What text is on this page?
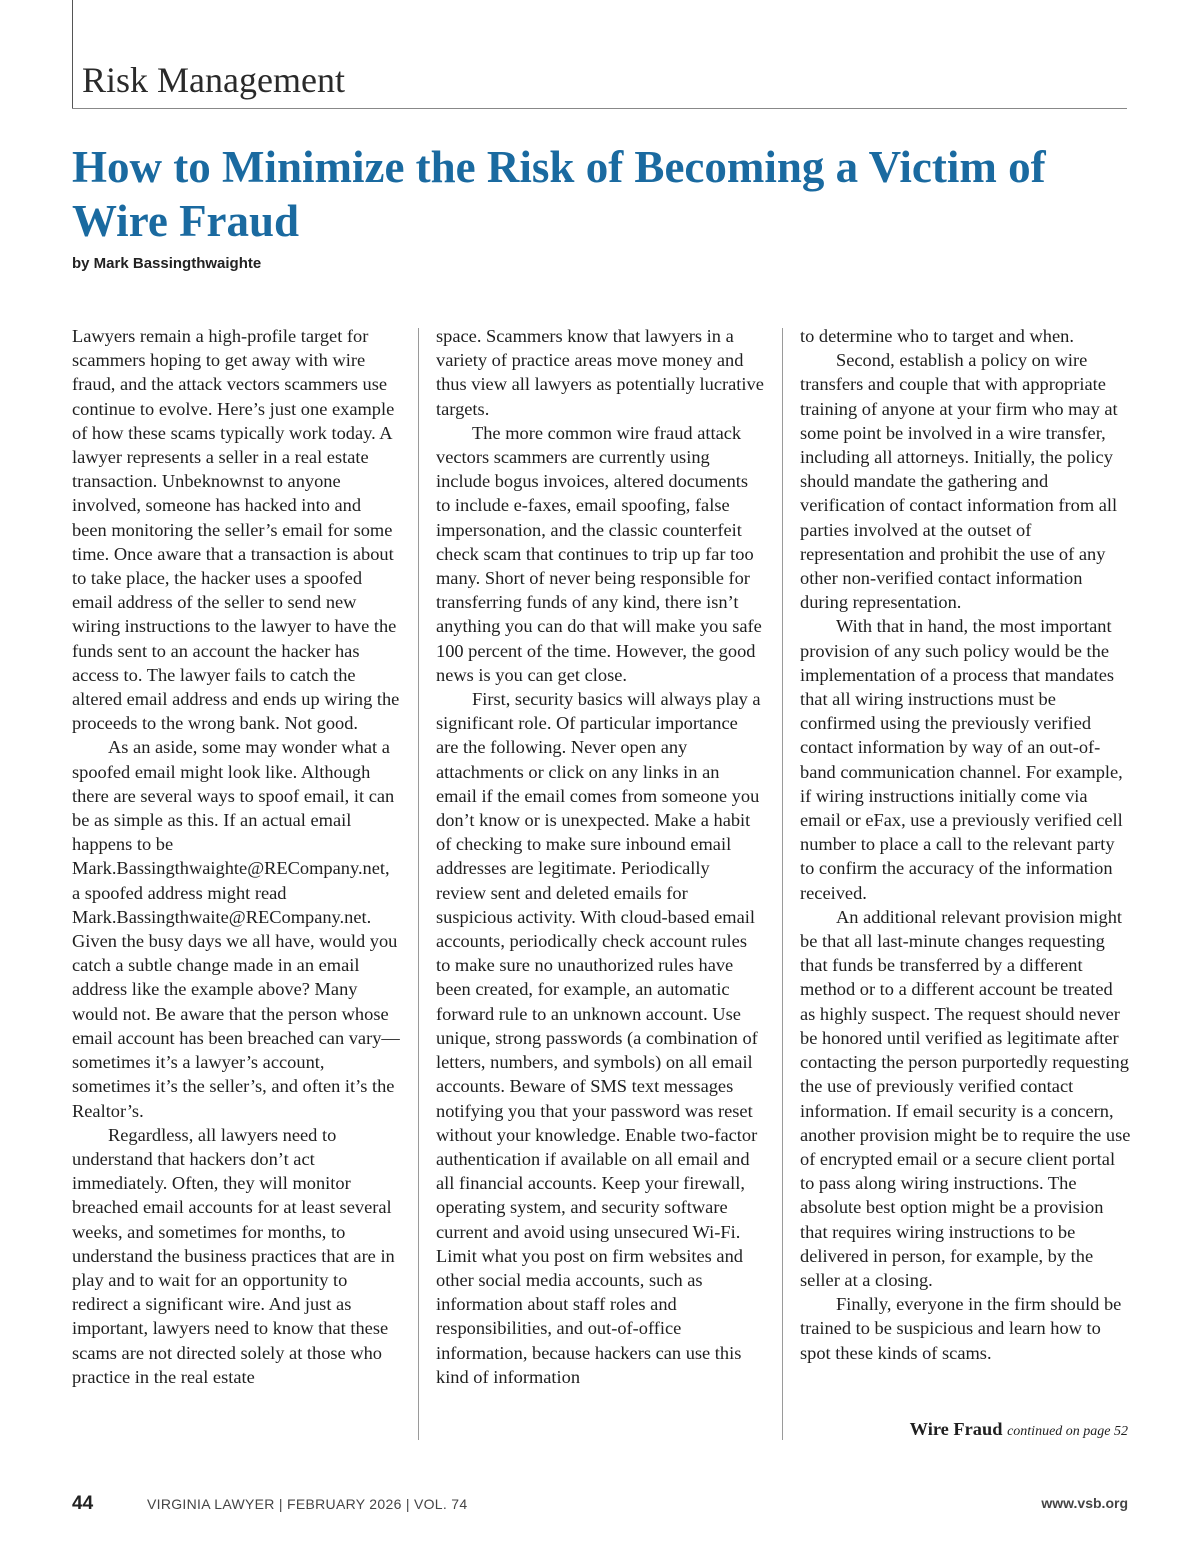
Risk Management
How to Minimize the Risk of Becoming a Victim of Wire Fraud

by Mark Bassingthwaighte

Lawyers remain a high-profile target for scammers hoping to get away with wire fraud, and the attack vectors scammers use continue to evolve. Here’s just one example of how these scams typically work today. A lawyer represents a seller in a real estate transaction. Unbeknownst to anyone involved, someone has hacked into and been monitoring the seller’s email for some time. Once aware that a transaction is about to take place, the hacker uses a spoofed email address of the seller to send new wiring instructions to the lawyer to have the funds sent to an account the hacker has access to. The lawyer fails to catch the altered email address and ends up wiring the proceeds to the wrong bank. Not good.

As an aside, some may wonder what a spoofed email might look like. Although there are several ways to spoof email, it can be as simple as this. If an actual email happens to be Mark.Bassingthwaighte@RECompany.net, a spoofed address might read Mark.Bassingthwaite@RECompany.net. Given the busy days we all have, would you catch a subtle change made in an email address like the example above? Many would not. Be aware that the person whose email account has been breached can vary—sometimes it’s a lawyer’s account, sometimes it’s the seller’s, and often it’s the Realtor’s.

Regardless, all lawyers need to understand that hackers don’t act immediately. Often, they will monitor breached email accounts for at least several weeks, and sometimes for months, to understand the business practices that are in play and to wait for an opportunity to redirect a significant wire. And just as important, lawyers need to know that these scams are not directed solely at those who practice in the real estate

space. Scammers know that lawyers in a variety of practice areas move money and thus view all lawyers as potentially lucrative targets.

The more common wire fraud attack vectors scammers are currently using include bogus invoices, altered documents to include e-faxes, email spoofing, false impersonation, and the classic counterfeit check scam that continues to trip up far too many. Short of never being responsible for transferring funds of any kind, there isn’t anything you can do that will make you safe 100 percent of the time. However, the good news is you can get close.

First, security basics will always play a significant role. Of particular importance are the following. Never open any attachments or click on any links in an email if the email comes from someone you don’t know or is unexpected. Make a habit of checking to make sure inbound email addresses are legitimate. Periodically review sent and deleted emails for suspicious activity. With cloud-based email accounts, periodically check account rules to make sure no unauthorized rules have been created, for example, an automatic forward rule to an unknown account. Use unique, strong passwords (a combination of letters, numbers, and symbols) on all email accounts. Beware of SMS text messages notifying you that your password was reset without your knowledge. Enable two-factor authentication if available on all email and all financial accounts. Keep your firewall, operating system, and security software current and avoid using unsecured Wi-Fi. Limit what you post on firm websites and other social media accounts, such as information about staff roles and responsibilities, and out-of-office information, because hackers can use this kind of information

to determine who to target and when.

Second, establish a policy on wire transfers and couple that with appropriate training of anyone at your firm who may at some point be involved in a wire transfer, including all attorneys. Initially, the policy should mandate the gathering and verification of contact information from all parties involved at the outset of representation and prohibit the use of any other non-verified contact information during representation.

With that in hand, the most important provision of any such policy would be the implementation of a process that mandates that all wiring instructions must be confirmed using the previously verified contact information by way of an out-of-band communication channel. For example, if wiring instructions initially come via email or eFax, use a previously verified cell number to place a call to the relevant party to confirm the accuracy of the information received.

An additional relevant provision might be that all last-minute changes requesting that funds be transferred by a different method or to a different account be treated as highly suspect. The request should never be honored until verified as legitimate after contacting the person purportedly requesting the use of previously verified contact information. If email security is a concern, another provision might be to require the use of encrypted email or a secure client portal to pass along wiring instructions. The absolute best option might be a provision that requires wiring instructions to be delivered in person, for example, by the seller at a closing.

Finally, everyone in the firm should be trained to be suspicious and learn how to spot these kinds of scams.

Wire Fraud continued on page 52

44	VIRGINIA LAWYER | FEBRUARY 2026 | VOL. 74	www.vsb.org
